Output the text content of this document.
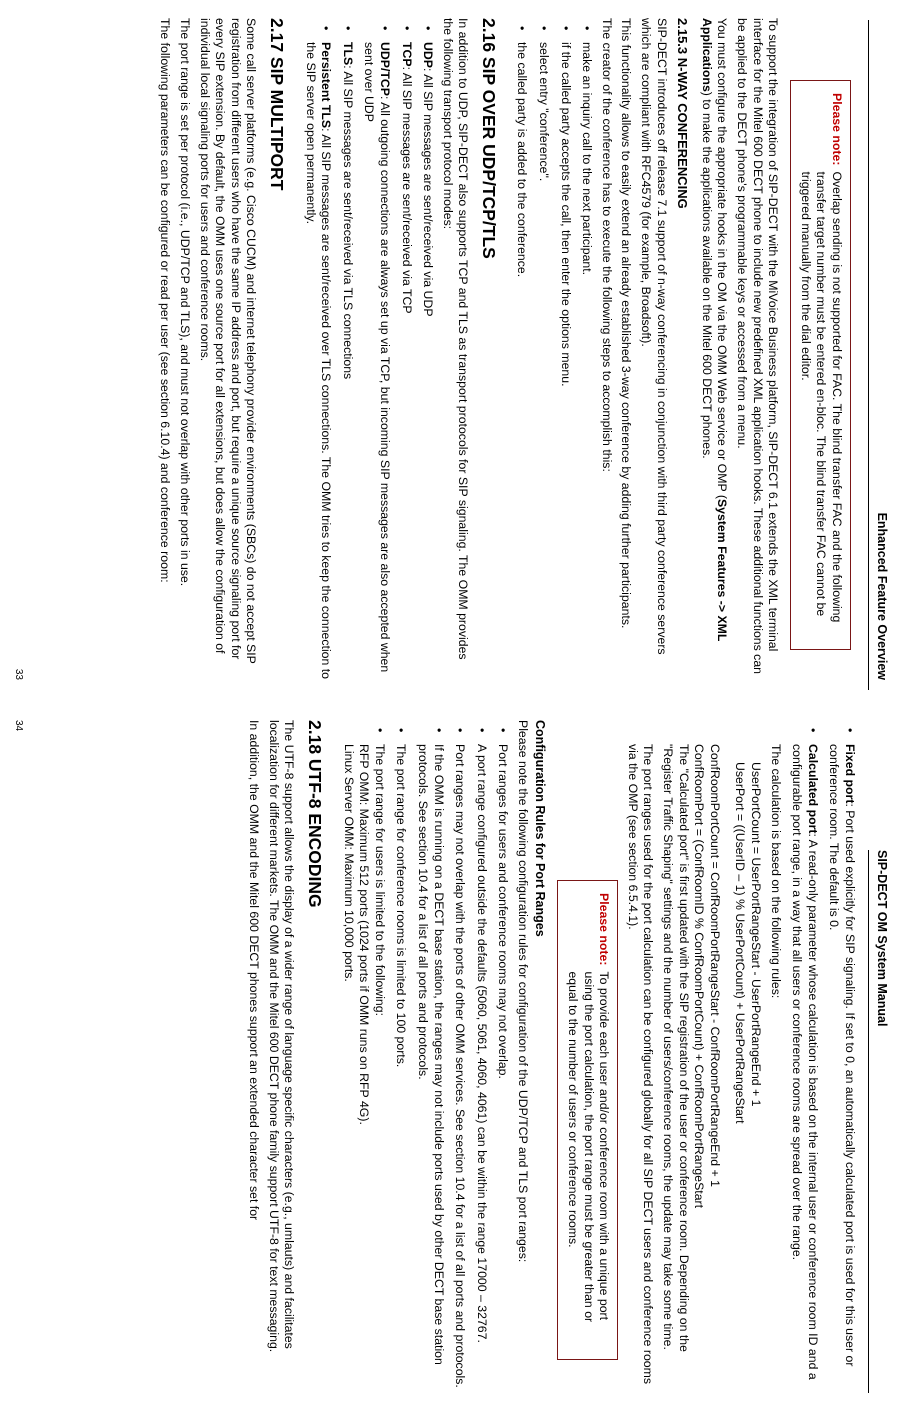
Enhanced Feature Overview
Please note:
Overlap sending is not supported for FAC. The blind transfer FAC and the following transfer target number must be entered en-bloc. The blind transfer FAC cannot be triggered manually from the dial editor.

To support the integration of SIP-DECT with the MiVoice Business platform, SIP-DECT 6.1 extends the XML terminal interface for the Mitel 600 DECT phone to include new predefined XML application hooks. These additional functions can be applied to the DECT phone's programmable keys or accessed from a menu.

You must configure the appropriate hooks in the OM via the OMM Web service or OMP (System Features -> XML Applications) to make the applications available on the Mitel 600 DECT phones.

2.15.3 N-WAY CONFERENCING

SIP-DECT introduces off release 7.1 support of n-way conferencing in conjunction with third party conference servers which are compliant with RFC4579 (for example, Broadsoft).

This functionality allows to easily extend an already established 3-way conference by adding further participants.

The creator of the conference has to execute the following steps to accomplish this:

• make an inquiry call to the next participant.
• if the called party accepts the call, then enter the options menu.
• select entry "conference".
• the called party is added to the conference.
2.16 SIP OVER UDP/TCP/TLS

In addition to UDP, SIP-DECT also supports TCP and TLS as transport protocols for SIP signaling. The OMM provides the following transport protocol modes:

• UDP: All SIP messages are sent/received via UDP
• TCP: All SIP messages are sent/received via TCP
• UDP/TCP: All outgoing connections are always set up via TCP, but incoming SIP messages are also accepted when sent over UDP
• TLS: All SIP messages are sent/received via TLS connections
• Persistent TLS: All SIP messages are sent/received over TLS connections. The OMM tries to keep the connection to the SIP server open permanently.
2.17 SIP MULTIPORT

Some call server platforms (e.g. Cisco CUCM) and internet telephony provider environments (SBCs) do not accept SIP registration from different users who have the same IP address and port, but require a unique source signaling port for every SIP extension. By default, the OMM uses one source port for all extensions, but does allow the configuration of individual local signaling ports for users and conference rooms.

The port range is set per protocol (i.e., UDP/TCP and TLS), and must not overlap with other ports in use.

The following parameters can be configured or read per user (see section 6.10.4) and conference room:

33
SIP-DECT OM System Manual
• Fixed port: Port used explicitly for SIP signaling. If set to 0, an automatically calculated port is used for this user or conference room. The default is 0.
• Calculated port: A read-only parameter whose calculation is based on the internal user or conference room ID and a configurable port range, in a way that all users or conference rooms are spread over the range.

The calculation is based on the following rules:

UserPortCount = UserPortRangeStart - UserPortRangeEnd + 1
UserPort = ((UserID – 1) % UserPortCount) + UserPortRangeStart
ConfRoomPortCount = ConfRoomPortRangeStart - ConfRoomPortRangeEnd + 1
ConfRoomPort = (ConfRoomID % ConfRoomPortCount) + ConfRoomPortRangeStart

The "Calculated port" is first updated with the SIP registration of the user or conference room. Depending on the "Register Traffic Shaping" settings and the number of users/conference rooms, the update may take some time.

The port ranges used for the port calculation can be configured globally for all SIP DECT users and conference rooms via the OMP (see section 6.5.4.1).

Please note:
To provide each user and/or conference room with a unique port using the port calculation, the port range must be greater than or equal to the number of users or conference rooms.
Configuration Rules for Port Ranges

Please note the following configuration rules for configuration of the UDP/TCP and TLS port ranges:

• Port ranges for users and conference rooms may not overlap.
• A port range configured outside the defaults (5060, 5061, 4060, 4061) can be within the range 17000 – 32767.
• Port ranges may not overlap with the ports of other OMM services. See section 10.4 for a list of all ports and protocols.
• If the OMM is running on a DECT base station, the ranges may not include ports used by other DECT base station protocols. See section 10.4 for a list of all ports and protocols.
• The port range for conference rooms is limited to 100 ports.
• The port range for users is limited to the following:
RFP OMM: Maximum 512 ports (1024 ports if OMM runs on RFP 4G).
Linux Server OMM: Maximum 10,000 ports.
2.18 UTF-8 ENCODING

The UTF-8 support allows the display of a wider range of language specific characters (e.g., umlauts) and facilitates localization for different markets. The OMM and the Mitel 600 DECT phone family support UTF-8 for text messaging.

In addition, the OMM and the Mitel 600 DECT phones support an extended character set for

34
